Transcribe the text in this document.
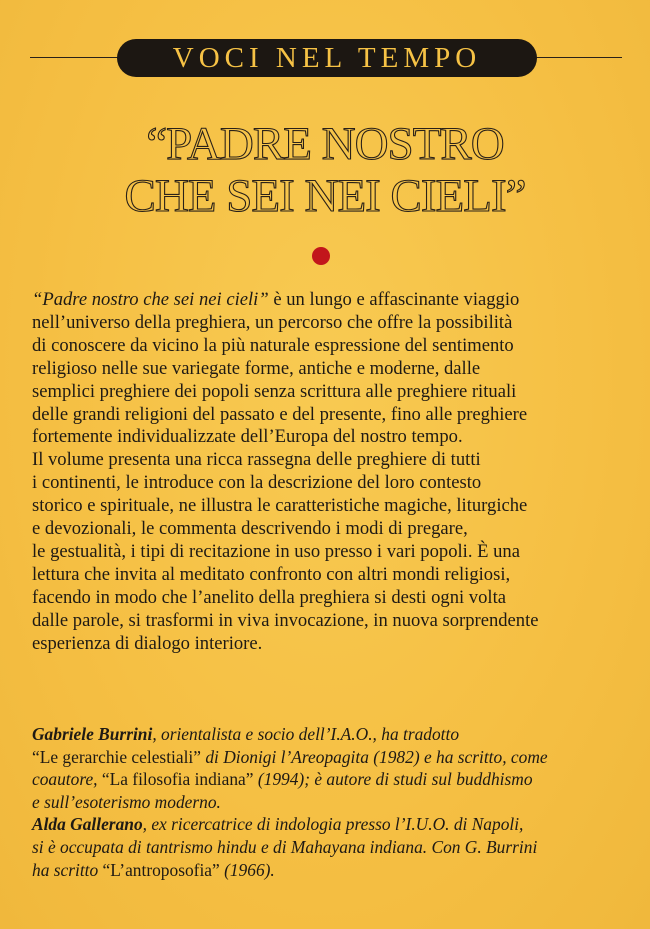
VOCI NEL TEMPO
“PADRE NOSTRO
CHE SEI NEI CIELI”
“Padre nostro che sei nei cieli” è un lungo e affascinante viaggio
nell’universo della preghiera, un percorso che offre la possibilità
di conoscere da vicino la più naturale espressione del sentimento
religioso nelle sue variegate forme, antiche e moderne, dalle
semplici preghiere dei popoli senza scrittura alle preghiere rituali
delle grandi religioni del passato e del presente, fino alle preghiere
fortemente individualizzate dell’Europa del nostro tempo.
Il volume presenta una ricca rassegna delle preghiere di tutti
i continenti, le introduce con la descrizione del loro contesto
storico e spirituale, ne illustra le caratteristiche magiche, liturgiche
e devozionali, le commenta descrivendo i modi di pregare,
le gestualità, i tipi di recitazione in uso presso i vari popoli. È una
lettura che invita al meditato confronto con altri mondi religiosi,
facendo in modo che l’anelito della preghiera si desti ogni volta
dalle parole, si trasformi in viva invocazione, in nuova sorprendente
esperienza di dialogo interiore.
Gabriele Burrini, orientalista e socio dell’I.A.O., ha tradotto
“Le gerarchie celestiali” di Dionigi l’Areopagita (1982) e ha scritto, come
coautore, “La filosofia indiana” (1994); è autore di studi sul buddhismo
e sull’esoterismo moderno.
Alda Gallerano, ex ricercatrice di indologia presso l’I.U.O. di Napoli,
si è occupata di tantrismo hindu e di Mahayana indiana. Con G. Burrini
ha scritto “L’antroposofia” (1966).
